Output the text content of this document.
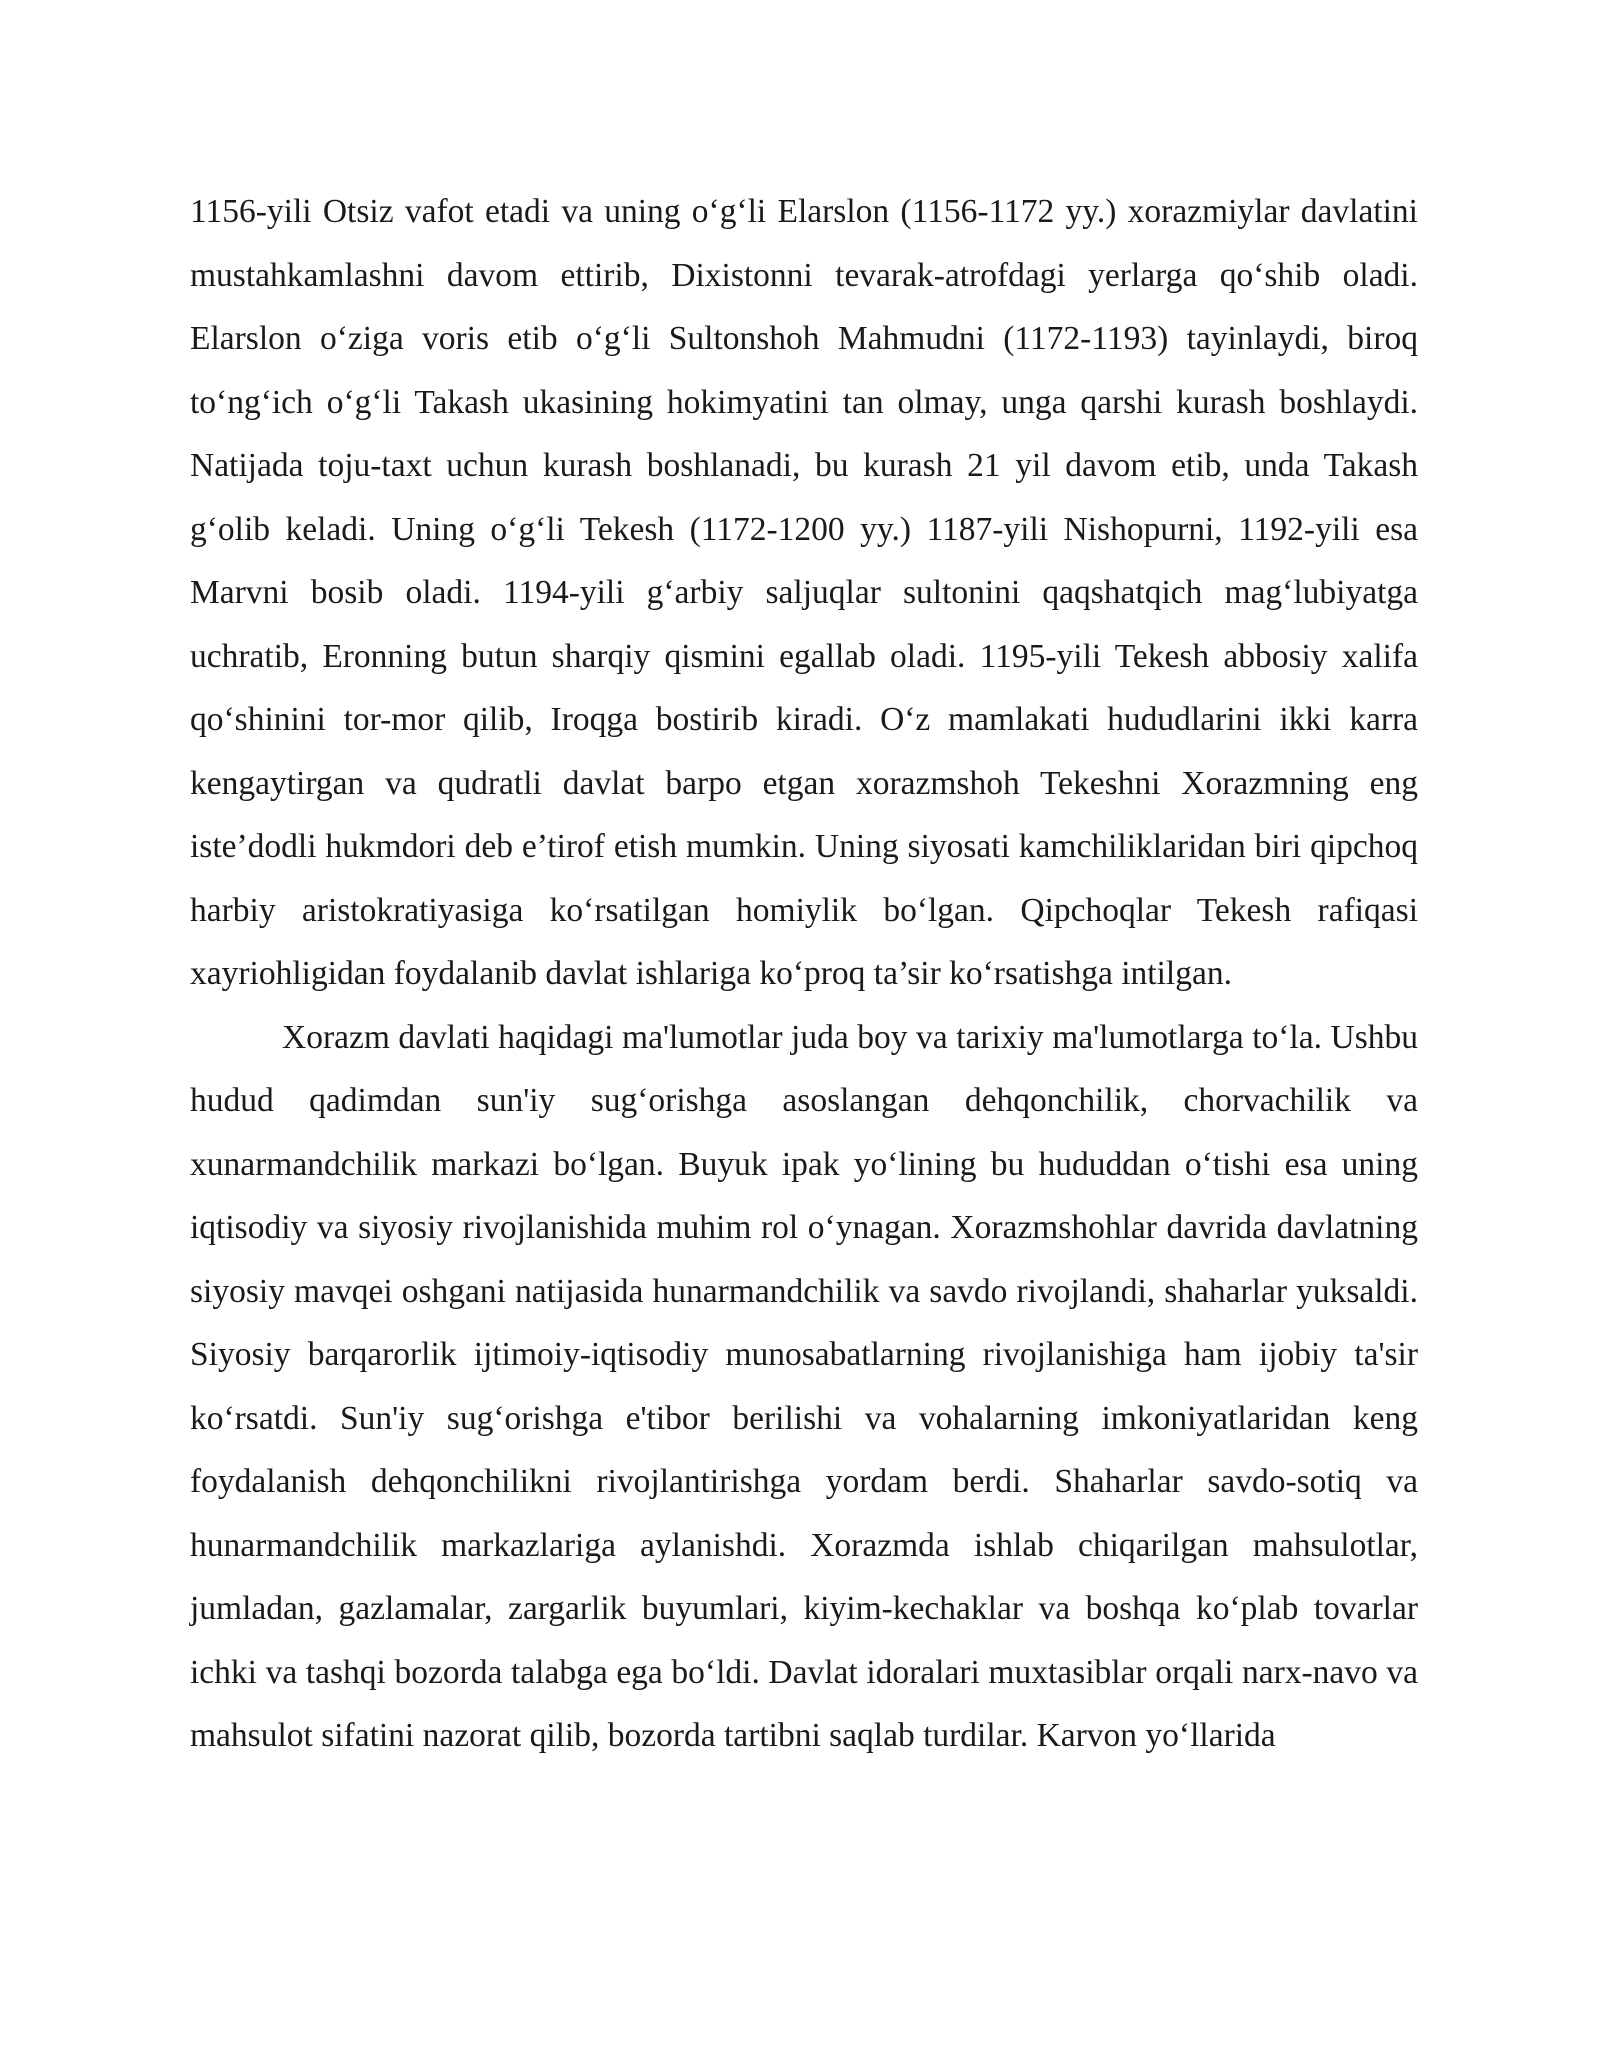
1156-yili Otsiz vafot etadi va uning o‘g‘li Elarslon (1156-1172 yy.) xorazmiylar davlatini mustahkamlashni davom ettirib, Dixistonni tevarak-atrofdagi yerlarga qo‘shib oladi. Elarslon o‘ziga voris etib o‘g‘li Sultonshoh Mahmudni (1172-1193) tayinlaydi, biroq to‘ng‘ich o‘g‘li Takash ukasining hokimyatini tan olmay, unga qarshi kurash boshlaydi. Natijada toju-taxt uchun kurash boshlanadi, bu kurash 21 yil davom etib, unda Takash g‘olib keladi. Uning o‘g‘li Tekesh (1172-1200 yy.) 1187-yili Nishopurni, 1192-yili esa Marvni bosib oladi. 1194-yili g‘arbiy saljuqlar sultonini qaqshatqich mag‘lubiyatga uchratib, Eronning butun sharqiy qismini egallab oladi. 1195-yili Tekesh abbosiy xalifa qo‘shinini tor-mor qilib, Iroqga bostirib kiradi. O‘z mamlakati hududlarini ikki karra kengaytirgan va qudratli davlat barpo etgan xorazmshoh Tekeshni Xorazmning eng iste’dodli hukmdori deb e’tirof etish mumkin. Uning siyosati kamchiliklaridan biri qipchoq harbiy aristokratiyasiga ko‘rsatilgan homiylik bo‘lgan. Qipchoqlar Tekesh rafiqasi xayriohligidan foydalanib davlat ishlariga ko‘proq ta’sir ko‘rsatishga intilgan.

Xorazm davlati haqidagi ma'lumotlar juda boy va tarixiy ma'lumotlarga to‘la. Ushbu hudud qadimdan sun'iy sug‘orishga asoslangan dehqonchilik, chorvachilik va xunarmandchilik markazi bo‘lgan. Buyuk ipak yo‘lining bu hududdan o‘tishi esa uning iqtisodiy va siyosiy rivojlanishida muhim rol o‘ynagan. Xorazmshohlar davrida davlatning siyosiy mavqei oshgani natijasida hunarmandchilik va savdo rivojlandi, shaharlar yuksaldi. Siyosiy barqarorlik ijtimoiy-iqtisodiy munosabatlarning rivojlanishiga ham ijobiy ta'sir ko‘rsatdi. Sun'iy sug‘orishga e'tibor berilishi va vohalarning imkoniyatlaridan keng foydalanish dehqonchilikni rivojlantirishga yordam berdi. Shaharlar savdo-sotiq va hunarmandchilik markazlariga aylanishdi. Xorazmda ishlab chiqarilgan mahsulotlar, jumladan, gazlamalar, zargarlik buyumlari, kiyim-kechaklar va boshqa ko‘plab tovarlar ichki va tashqi bozorda talabga ega bo‘ldi. Davlat idoralari muxtasiblar orqali narx-navo va mahsulot sifatini nazorat qilib, bozorda tartibni saqlab turdilar. Karvon yo‘llarida
